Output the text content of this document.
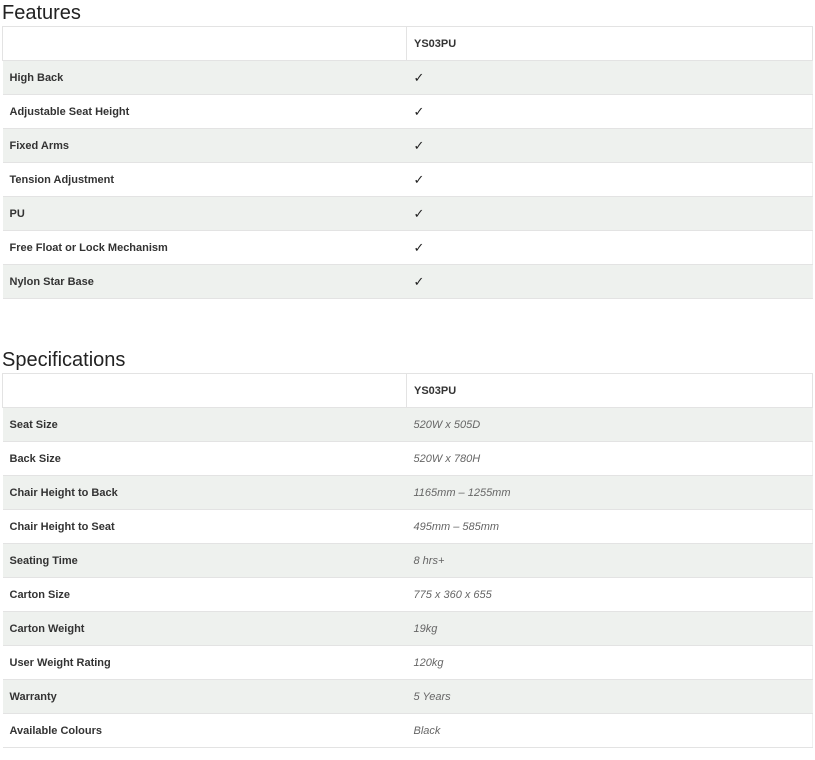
Features
	YS03PU
High Back	✓
Adjustable Seat Height	✓
Fixed Arms	✓
Tension Adjustment	✓
PU	✓
Free Float or Lock Mechanism	✓
Nylon Star Base	✓
Specifications
	YS03PU
Seat Size	520W x 505D
Back Size	520W x 780H
Chair Height to Back	1165mm – 1255mm
Chair Height to Seat	495mm – 585mm
Seating Time	8 hrs+
Carton Size	775 x 360 x 655
Carton Weight	19kg
User Weight Rating	120kg
Warranty	5 Years
Available Colours	Black
